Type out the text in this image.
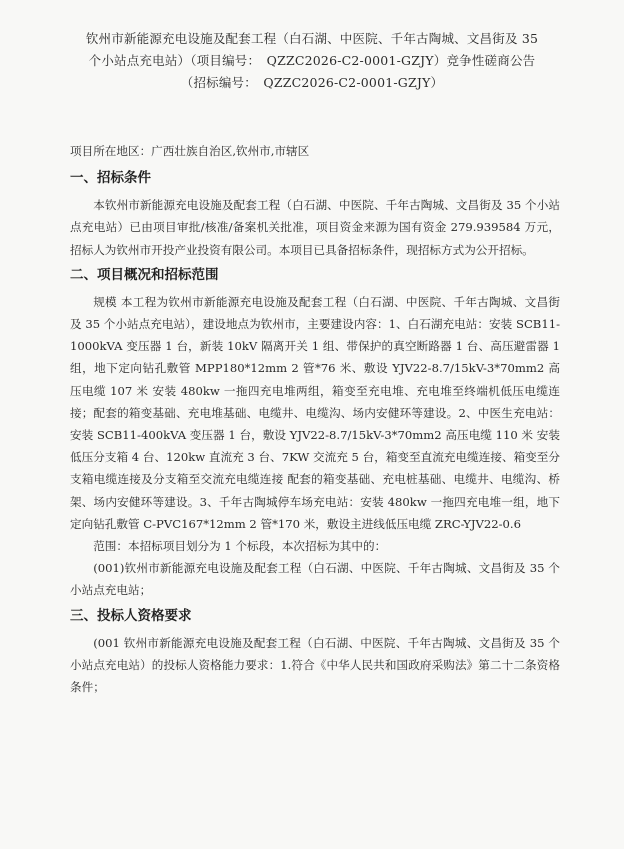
钦州市新能源充电设施及配套工程（白石湖、中医院、千年古陶城、文昌街及 35
个小站点充电站）（项目编号：　QZZC2026-C2-0001-GZJY）竞争性磋商公告
（招标编号：　QZZC2026-C2-0001-GZJY）

项目所在地区：广西壮族自治区,钦州市,市辖区

一、招标条件

本钦州市新能源充电设施及配套工程（白石湖、中医院、千年古陶城、文昌街及 35 个小站点充电站）已由项目审批/核准/备案机关批准，项目资金来源为国有资金 279.939584 万元，招标人为钦州市开投产业投资有限公司。本项目已具备招标条件，现招标方式为公开招标。

二、项目概况和招标范围

规模 本工程为钦州市新能源充电设施及配套工程（白石湖、中医院、千年古陶城、文昌街及 35 个小站点充电站），建设地点为钦州市，主要建设内容：1、白石湖充电站：安装 SCB11-1000kVA 变压器 1 台，新装 10kV 隔离开关 1 组、带保护的真空断路器 1 台、高压避雷器 1 组，地下定向钻孔敷管 MPP180*12mm 2 管*76 米、敷设 YJV22-8.7/15kV-3*70mm2 高压电缆 107 米 安装 480kw 一拖四充电堆两组，箱变至充电堆、充电堆至终端机低压电缆连接；配套的箱变基础、充电堆基础、电缆井、电缆沟、场内安健环等建设。2、中医生充电站：安装 SCB11-400kVA 变压器 1 台，敷设 YJV22-8.7/15kV-3*70mm2 高压电缆 110 米 安装低压分支箱 4 台、120kw 直流充 3 台、7KW 交流充 5 台，箱变至直流充电缆连接、箱变至分支箱电缆连接及分支箱至交流充电缆连接 配套的箱变基础、充电桩基础、电缆井、电缆沟、桥架、场内安健环等建设。3、千年古陶城停车场充电站：安装 480kw 一拖四充电堆一组，地下定向钻孔敷管 C-PVC167*12mm 2 管*170 米，敷设主进线低压电缆 ZRC-YJV22-0.6

范围：本招标项目划分为 1 个标段，本次招标为其中的：

(001)钦州市新能源充电设施及配套工程（白石湖、中医院、千年古陶城、文昌街及 35 个小站点充电站；

三、投标人资格要求

(001 钦州市新能源充电设施及配套工程（白石湖、中医院、千年古陶城、文昌街及 35 个小站点充电站）的投标人资格能力要求：1.符合《中华人民共和国政府采购法》第二十二条资格条件；
